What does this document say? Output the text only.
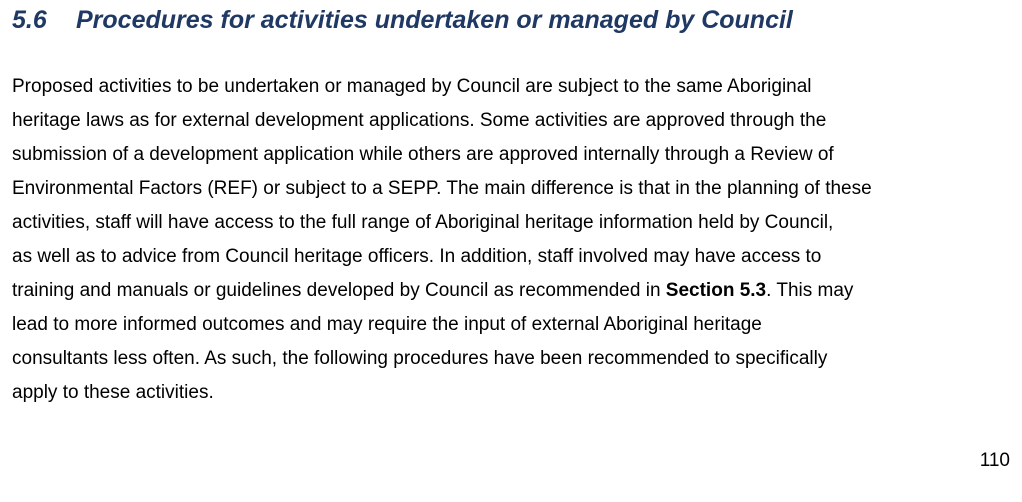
5.6 Procedures for activities undertaken or managed by Council
Proposed activities to be undertaken or managed by Council are subject to the same Aboriginal
heritage laws as for external development applications. Some activities are approved through the
submission of a development application while others are approved internally through a Review of
Environmental Factors (REF) or subject to a SEPP. The main difference is that in the planning of these
activities, staff will have access to the full range of Aboriginal heritage information held by Council,
as well as to advice from Council heritage officers. In addition, staff involved may have access to
training and manuals or guidelines developed by Council as recommended in Section 5.3. This may
lead to more informed outcomes and may require the input of external Aboriginal heritage
consultants less often. As such, the following procedures have been recommended to specifically
apply to these activities.
110
